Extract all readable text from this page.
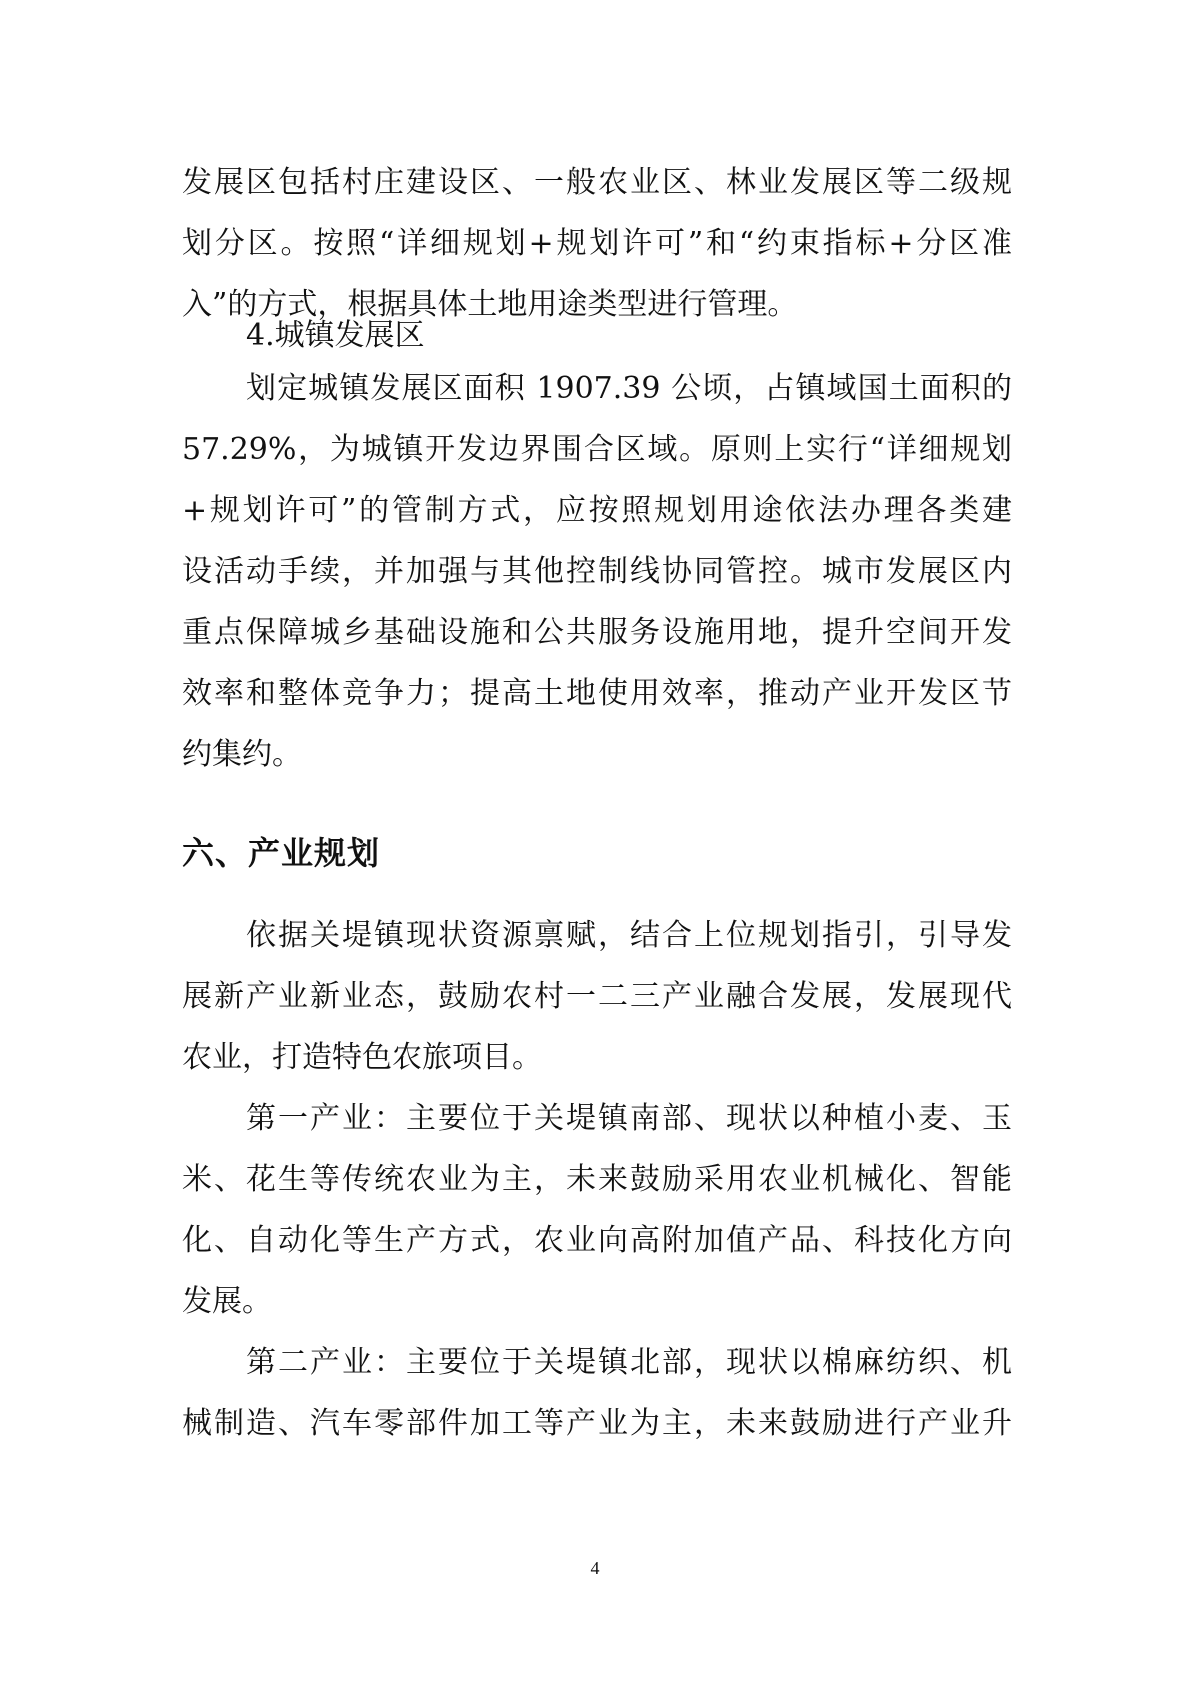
发展区包括村庄建设区、一般农业区、林业发展区等二级规
划分区。按照“详细规划+规划许可”和“约束指标+分区准
入”的方式，根据具体土地用途类型进行管理。
4.城镇发展区
划定城镇发展区面积 1907.39 公顷，占镇域国土面积的
57.29%，为城镇开发边界围合区域。原则上实行“详细规划
+规划许可”的管制方式，应按照规划用途依法办理各类建
设活动手续，并加强与其他控制线协同管控。城市发展区内
重点保障城乡基础设施和公共服务设施用地，提升空间开发
效率和整体竞争力；提高土地使用效率，推动产业开发区节
约集约。
六、产业规划
依据关堤镇现状资源禀赋，结合上位规划指引，引导发
展新产业新业态，鼓励农村一二三产业融合发展，发展现代
农业，打造特色农旅项目。
第一产业：主要位于关堤镇南部、现状以种植小麦、玉
米、花生等传统农业为主，未来鼓励采用农业机械化、智能
化、自动化等生产方式，农业向高附加值产品、科技化方向
发展。
第二产业：主要位于关堤镇北部，现状以棉麻纺织、机
械制造、汽车零部件加工等产业为主，未来鼓励进行产业升
4
